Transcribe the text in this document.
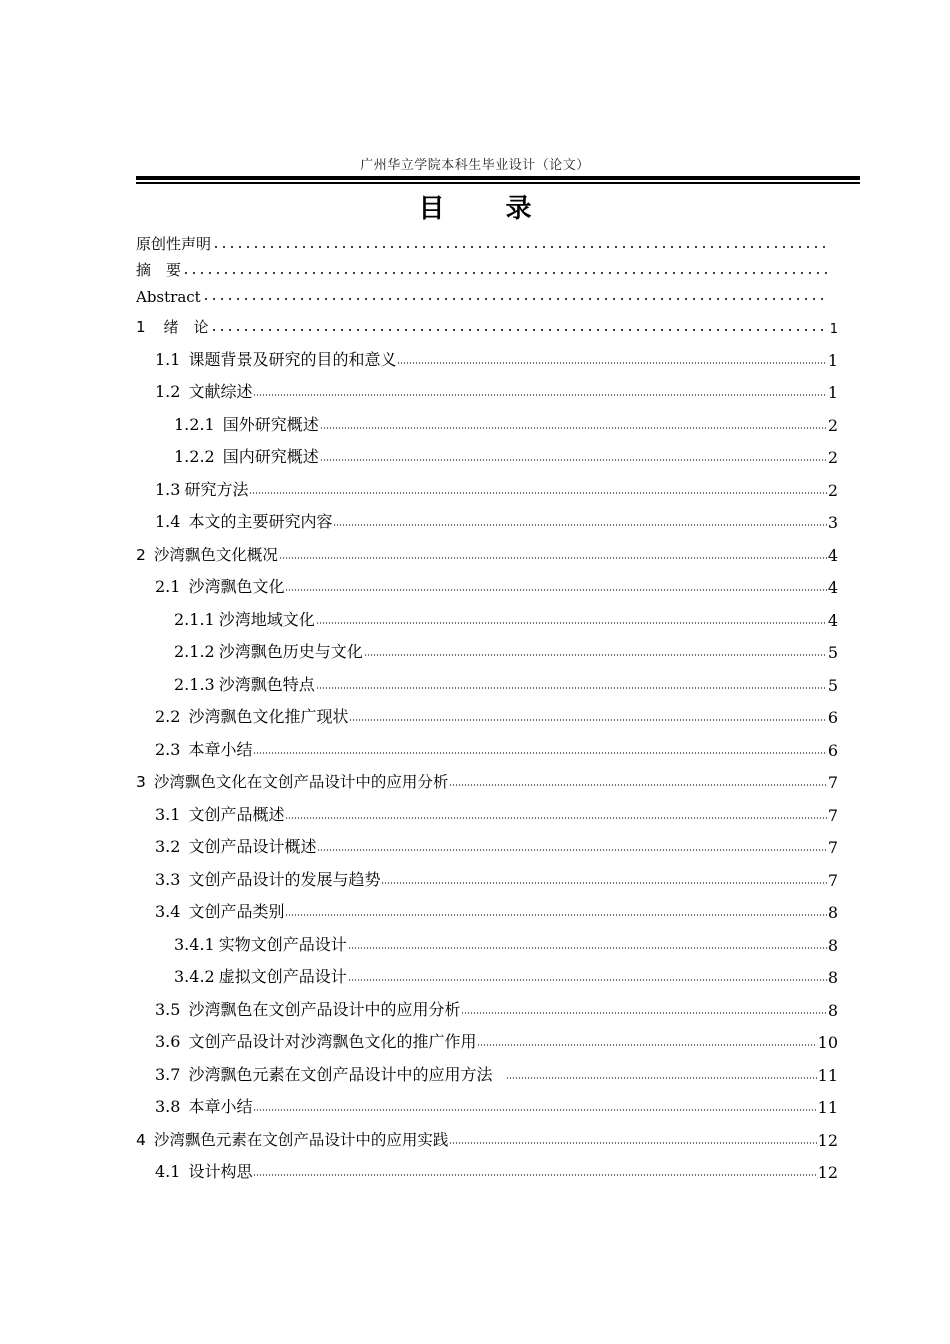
广州华立学院本科生毕业设计（论文）
目 录
原创性声明
摘　要
Abstract
1 绪　论	1
1.1 课题背景及研究的目的和意义	1
1.2 文献综述	1
1.2.1 国外研究概述	2
1.2.2 国内研究概述	2
1.3 研究方法	2
1.4 本文的主要研究内容	3
2 沙湾飘色文化概况	4
2.1 沙湾飘色文化	4
2.1.1 沙湾地域文化	4
2.1.2 沙湾飘色历史与文化	5
2.1.3 沙湾飘色特点	5
2.2 沙湾飘色文化推广现状	6
2.3 本章小结	6
3 沙湾飘色文化在文创产品设计中的应用分析	7
3.1 文创产品概述	7
3.2 文创产品设计概述	7
3.3 文创产品设计的发展与趋势	7
3.4 文创产品类别	8
3.4.1 实物文创产品设计	8
3.4.2 虚拟文创产品设计	8
3.5 沙湾飘色在文创产品设计中的应用分析	8
3.6 文创产品设计对沙湾飘色文化的推广作用	10
3.7 沙湾飘色元素在文创产品设计中的应用方法	11
3.8 本章小结	11
4 沙湾飘色元素在文创产品设计中的应用实践	12
4.1 设计构思	12
